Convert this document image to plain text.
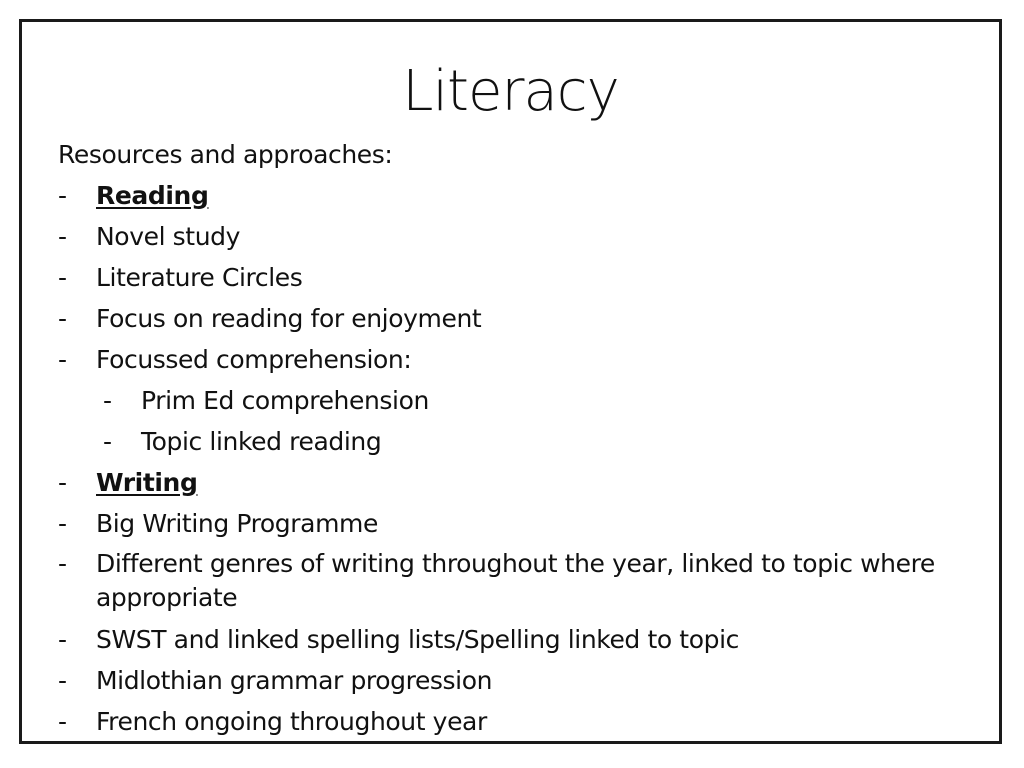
Literacy

Resources and approaches:

- Reading
- Novel study
- Literature Circles
- Focus on reading for enjoyment
- Focussed comprehension:
- Prim Ed comprehension
- Topic linked reading
- Writing
- Big Writing Programme
- Different genres of writing throughout the year, linked to topic where appropriate
- SWST and linked spelling lists/Spelling linked to topic
- Midlothian grammar progression
- French ongoing throughout year
